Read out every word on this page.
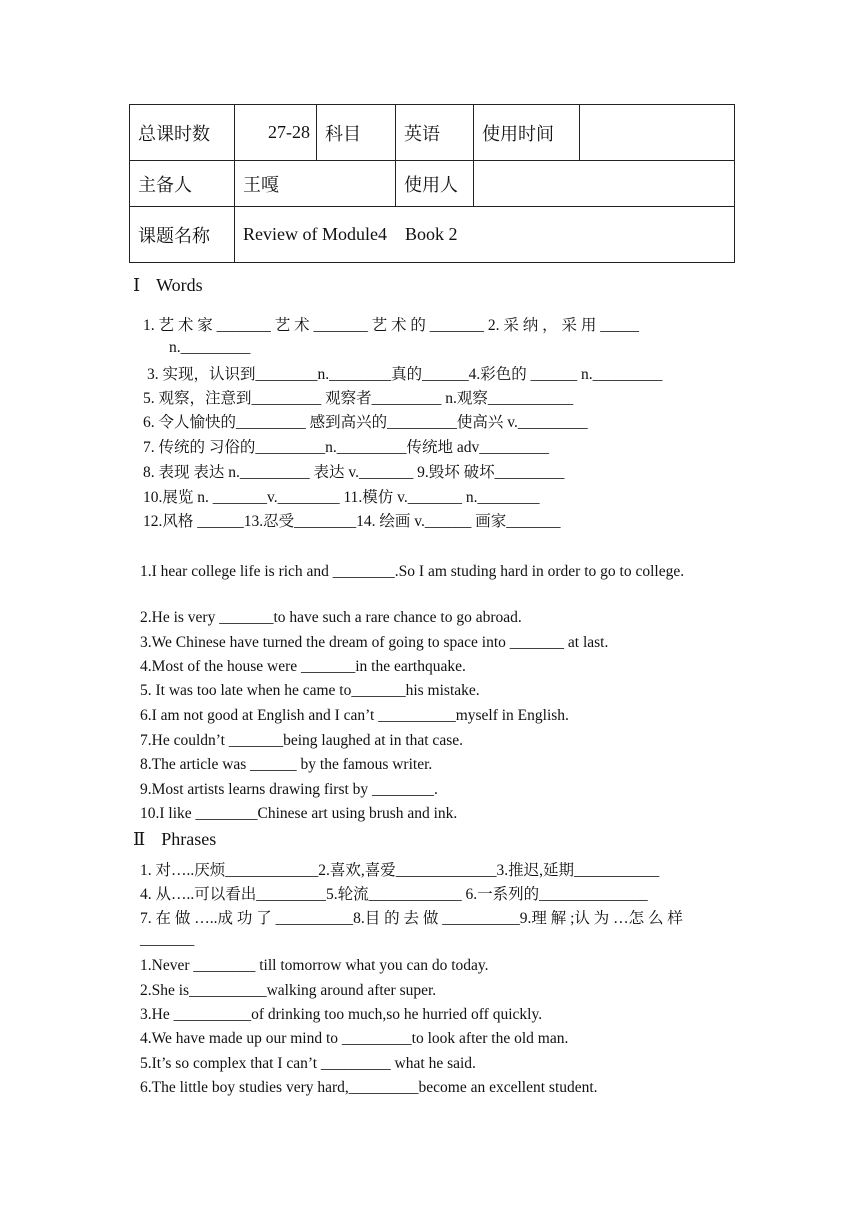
总课时数	27-28	科目	英语	使用时间	
主备人	王嘎		使用人		
课题名称	Review of Module4    Book 2				
Ⅰ Words
1. 艺 术 家 _______ 艺 术 _______ 艺 术 的 _______ 2. 采 纳 ， 采 用 _____
n._________
3. 实现，认识到________n.________真的______4.彩色的 ______ n._________
5. 观察，注意到_________ 观察者_________ n.观察___________
6. 令人愉快的_________ 感到高兴的_________使高兴 v._________
7. 传统的 习俗的_________n._________传统地 adv_________
8. 表现 表达 n._________ 表达 v._______ 9.毁坏 破坏_________
10.展览 n. _______v.________ 11.模仿 v._______ n.________
12.风格 ______13.忍受________14. 绘画 v.______ 画家_______
1.I hear college life is rich and ________.So I am studing hard in order to go to college.
2.He is very _______to have such a rare chance to go abroad.
3.We Chinese have turned the dream of going to space into _______ at last.
4.Most of the house were _______in the earthquake.
5. It was too late when he came to_______his mistake.
6.I am not good at English and I can’t __________myself in English.
7.He couldn’t _______being laughed at in that case.
8.The article was ______ by the famous writer.
9.Most artists learns drawing first by ________.
10.I like ________Chinese art using brush and ink.
Ⅱ Phrases
1. 对…..厌烦____________2.喜欢,喜爱_____________3.推迟,延期___________
4. 从…..可以看出_________5.轮流____________ 6.一系列的______________
7. 在 做 …..成 功 了 __________8.目 的 去 做 __________9.理 解 ;认 为 …怎 么 样
_______
1.Never ________ till tomorrow what you can do today.
2.She is__________walking around after super.
3.He __________of drinking too much,so he hurried off quickly.
4.We have made up our mind to _________to look after the old man.
5.It’s so complex that I can’t _________ what he said.
6.The little boy studies very hard,_________become an excellent student.
